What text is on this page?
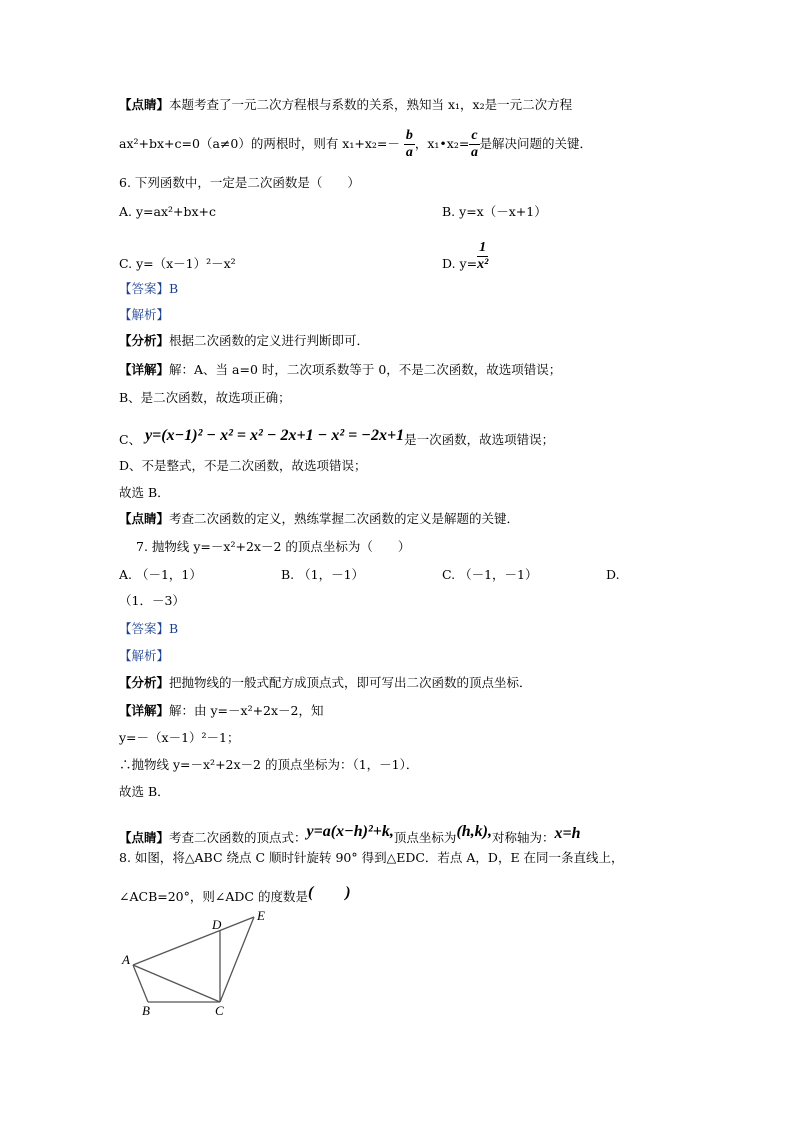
【点睛】本题考查了一元二次方程根与系数的关系，熟知当 x₁，x₂是一元二次方程
ax²+bx+c=0（a≠0）的两根时，则有 $x_1+x_2=- \frac{b}{a}$ ，x₁•x₂= $\frac{c}{a}$ 是解决问题的关键．
6. 下列函数中，一定是二次函数是（　　）
A. y=ax²+bx+c	B. y=x（－x+1）
C. y=（x－1）²－x²	D. $y= \frac{1}{\text{x²}}$
【答案】B
【解析】
【分析】根据二次函数的定义进行判断即可．
【详解】解：A、当 a=0 时，二次项系数等于 0，不是二次函数，故选项错误；
B、是二次函数，故选项正确；
C、 y=(x−1)² − x² = x² − 2x+1 − x² = −2x+1是一次函数，故选项错误；
D、不是整式，不是二次函数，故选项错误；
故选 B．
【点睛】考查二次函数的定义，熟练掌握二次函数的定义是解题的关键．
7. 抛物线 y=－x²+2x－2 的顶点坐标为（　　）
A. （－1，1）	B. （1，－1）	C. （－1，－1）	D.
（1．－3）
【答案】B
【解析】
【分析】把抛物线的一般式配方成顶点式，即可写出二次函数的顶点坐标．
【详解】解：由 y=－x²+2x－2，知
y=－（x－1）²－1；
∴抛物线 y=－x²+2x－2 的顶点坐标为：（1，－1）．
故选 B．
【点睛】考查二次函数的顶点式：y=a(x−h)²+k,顶点坐标为(h,k),对称轴为：x=h
8. 如图，将△ABC 绕点 C 顺时针旋转 90° 得到△EDC．若点 A，D，E 在同一条直线上，
∠ACB=20°，则∠ADC 的度数是(　　)
A
B	C
D
E
